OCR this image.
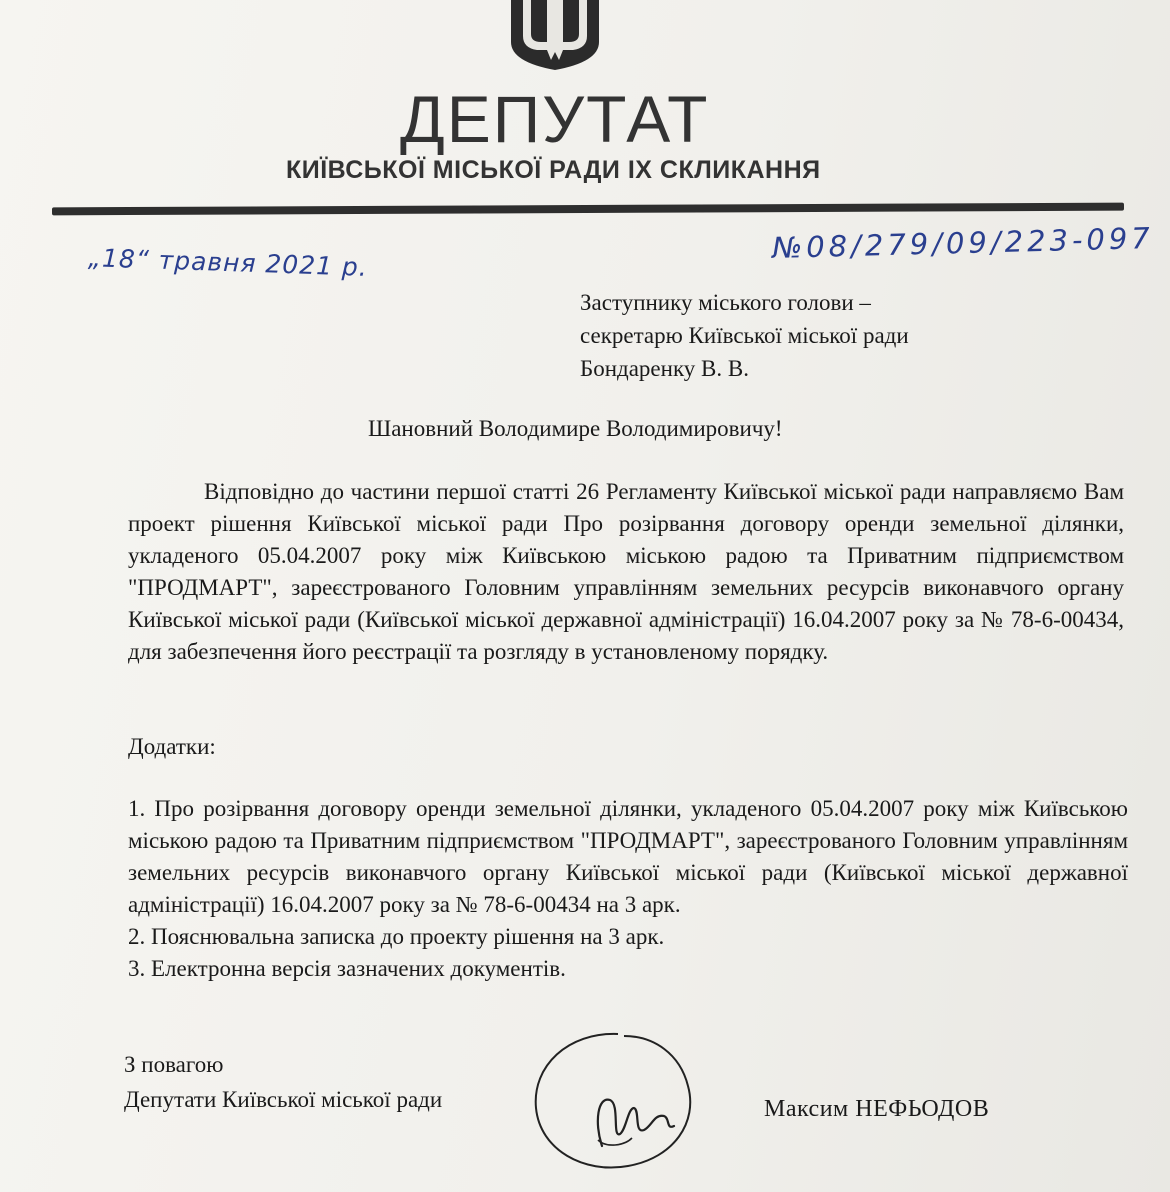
ДЕПУТАТ
КИЇВСЬКОЇ МІСЬКОЇ РАДИ IX СКЛИКАННЯ
„18“ травня 2021 р.	№08/279/09/223-097
Заступнику міського голови –
секретарю Київської міської ради
Бондаренку В. В.
Шановний Володимире Володимировичу!
Відповідно до частини першої статті 26 Регламенту Київської міської ради направляємо Вам проект рішення Київської міської ради Про розірвання договору оренди земельної ділянки, укладеного 05.04.2007 року між Київською міською радою та Приватним підприємством "ПРОДМАРТ", зареєстрованого Головним управлінням земельних ресурсів виконавчого органу Київської міської ради (Київської міської державної адміністрації) 16.04.2007 року за № 78-6-00434, для забезпечення його реєстрації та розгляду в установленому порядку.
Додатки:
1. Про розірвання договору оренди земельної ділянки, укладеного 05.04.2007 року між Київською міською радою та Приватним підприємством "ПРОДМАРТ", зареєстрованого Головним управлінням земельних ресурсів виконавчого органу Київської міської ради (Київської міської державної адміністрації) 16.04.2007 року за № 78-6-00434 на 3 арк.
2. Пояснювальна записка до проекту рішення на 3 арк.
3. Електронна версія зазначених документів.
З повагою
Депутати Київської міської ради	Максим НЕФЬОДОВ
